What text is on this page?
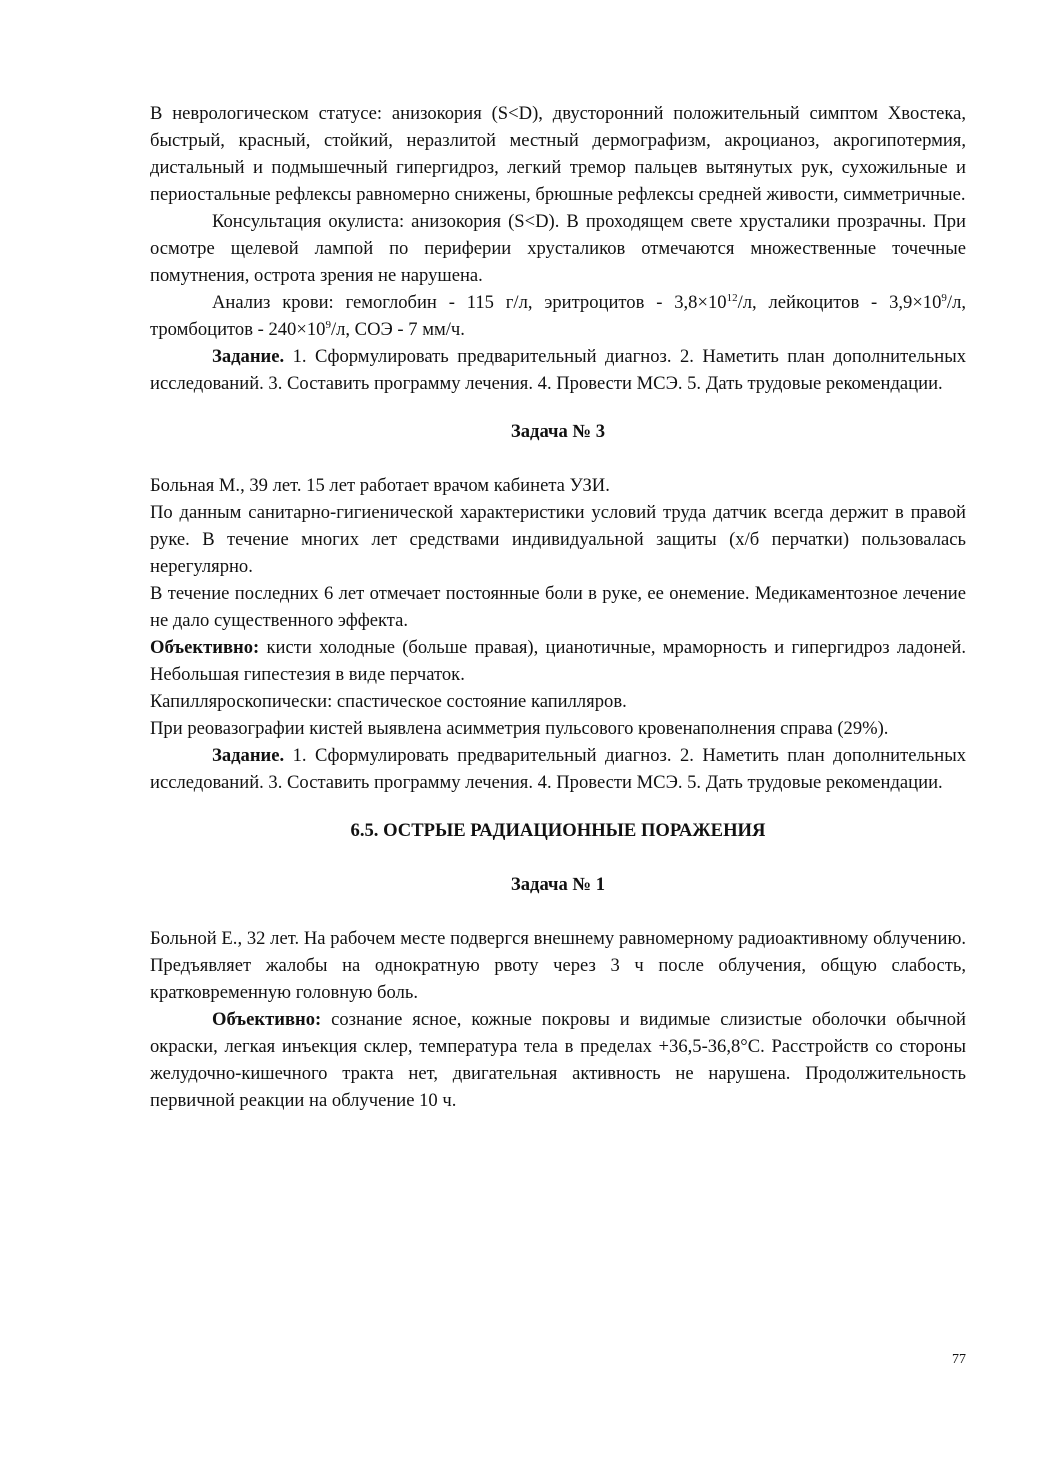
В неврологическом статусе: анизокория (S<D), двусторонний положительный симптом Хвостека, быстрый, красный, стойкий, неразлитой местный дермографизм, акроцианоз, акрогипотермия, дистальный и подмышечный гипергидроз, легкий тремор пальцев вытянутых рук, сухожильные и периостальные рефлексы равномерно снижены, брюшные рефлексы средней живости, симметричные.

Консультация окулиста: анизокория (S<D). В проходящем свете хрусталики прозрачны. При осмотре щелевой лампой по периферии хрусталиков отмечаются множественные точечные помутнения, острота зрения не нарушена.

Анализ крови: гемоглобин - 115 г/л, эритроцитов - $3,8\times 10^{12}/л$, лейкоцитов - $3,9\times 10^9/л$, тромбоцитов - $240\times 10^9/л$, СОЭ - 7 мм/ч.

Задание. 1. Сформулировать предварительный диагноз. 2. Наметить план дополнительных исследований. 3. Составить программу лечения. 4. Провести МСЭ. 5. Дать трудовые рекомендации.

Задача № 3

Больная М., 39 лет. 15 лет работает врачом кабинета УЗИ.

По данным санитарно-гигиенической характеристики условий труда датчик всегда держит в правой руке. В течение многих лет средствами индивидуальной защиты (х/б перчатки) пользовалась нерегулярно.

В течение последних 6 лет отмечает постоянные боли в руке, ее онемение. Медикаментозное лечение не дало существенного эффекта.

Объективно: кисти холодные (больше правая), цианотичные, мраморность и гипергидроз ладоней. Небольшая гипестезия в виде перчаток.

Капилляроскопически: спастическое состояние капилляров.

При реовазографии кистей выявлена асимметрия пульсового кровенаполнения справа (29%).

Задание. 1. Сформулировать предварительный диагноз. 2. Наметить план дополнительных исследований. 3. Составить программу лечения. 4. Провести МСЭ. 5. Дать трудовые рекомендации.

6.5. ОСТРЫЕ РАДИАЦИОННЫЕ ПОРАЖЕНИЯ

Задача № 1

Больной Е., 32 лет. На рабочем месте подвергся внешнему равномерному радиоактивному облучению. Предъявляет жалобы на однократную рвоту через 3 ч после облучения, общую слабость, кратковременную головную боль.

Объективно: сознание ясное, кожные покровы и видимые слизистые оболочки обычной окраски, легкая инъекция склер, температура тела в пределах +36,5-36,8°С. Расстройств со стороны желудочно-кишечного тракта нет, двигательная активность не нарушена. Продолжительность первичной реакции на облучение 10 ч.

77
